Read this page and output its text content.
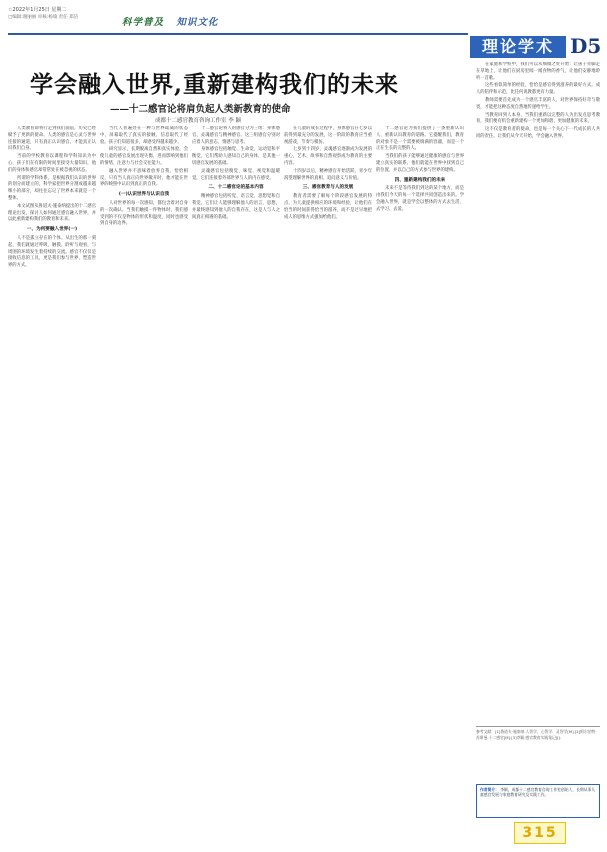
☆2022年1月25日 星期二
□编辑:谢丽丽 审核:杨瑜 责任 郑洁	科学普及 知识文化
理论学术 D5
学会融入世界,重新建构我们的未来
——十二感官论将肩负起人类新教育的使命
成都十二感官教育咨询工作室 李 颖

人类教育即将行走到我们面前，历史已经赋予了更新的使命。人类的感官是心灵与世界连接的通道，只有真正认识感官，才能真正认识我们自身。

当前的学校教育以课程和学科知识为中心，孩子们在有限的时间里接受大量知识，他们的身体和感官却常常处在被忽视的状态。

所谓的学科体系，是根据我们认识的世界的划分而建立的，科学家把世界分割成越来越细小的部分，却往往忘记了世界本来就是一个整体。

本文试图从鲁道夫·施泰纳提出的十二感官理论出发，探讨人如何通过感官融入世界，并以此重新建构我们的教育和未来。

一、为何要融入世界(一)

人不是孤立存在的个体。从出生的那一刻起，我们就通过呼吸、触摸、聆听与观看，与周围的环境发生着持续的交流。感官不仅仅是接收信息的工具，更是我们参与世界、塑造世界的方式。

当代人普遍处在一种与世界疏离的状态中，屏幕取代了真实的接触，信息取代了经验。孩子们知道很多，却感受得越来越少。

研究显示，长期脱离自然和真实体验，会使儿童的感官发展出现失衡，进而影响到他们的情绪、注意力与社会交往能力。

融入世界并不意味着放弃自我，恰恰相反，只有当人真正向世界敞开时，他才能在世界的映照中认识到真正的自我。

(一)认识世界与认识自我

人对世界的每一次感知，都包含着对自身的一次确认。当我们触摸一件物体时，我们感受到的不仅是物体的形状和温度，同时也感受到自身的边界。

十二感官论将人的感官分为三组：身体感官、灵魂感官与精神感官。这三组感官分别对应着人的意志、情感与思考。

身体感官包括触觉、生命觉、运动觉和平衡觉，它们帮助人感知自己的身体，是其他一切感官发展的基础。

灵魂感官包括嗅觉、味觉、视觉和温暖觉，它们连接着外部世界与人的内在感受。

二、十二感官论的基本内容

精神感官包括听觉、语言觉、思想觉和自我觉，它们让人能够理解他人的语言、思想，并最终感知到他人的自我存在，这是人与人之间真正相遇的基础。

在儿童的成长过程中，身体感官在七岁以前得到最充分的发展，这一阶段的教育应当重视游戏、节奏与模仿。

七岁到十四岁，灵魂感官逐渐成为发展的重心，艺术、故事和自然观察成为教育的主要内容。

十四岁以后，精神感官开始活跃，青少年渴望理解世界的真相，追问意义与价值。

三、感官教育与人的发展

教育者需要了解每个阶段感官发展的特点，为儿童提供相应的环境和经验，让他们在恰当的时间获得恰当的滋养，而不是过早地把成人的思维方式强加给他们。

十二感官论为我们提供了一条重新认识人、重新认识教育的道路。它提醒我们，教育的对象不是一个需要被填满的容器，而是一个正在生长的完整的人。

当我们的孩子能够通过健康的感官与世界建立真实的联系，他们就能在世界中找到自己的位置，并以自己的方式参与世界的建构。

四、重新建构我们的未来

未来不是等待我们到达的某个地方，而是由我们今天的每一个选择共同创造出来的。学会融入世界，就是学会以整体的方式去生活、去学习、去爱。

在家庭和学校中，我们可以从细微之处开始：让孩子赤脚走在草地上，让他们在厨房里闻一闻食物的香气，让他们安静地聆听一首歌。

这些看似简单的经验，恰恰是感官得到滋养的最好方式。成人的陪伴和示范，比任何说教都更有力量。

教师需要首先成为一个感官丰富的人，对世界保持好奇与敬畏，才能把这种态度自然地传递给学生。

当教育回到人本身，当我们重新以完整的人为出发点思考教育，我们便有机会重新建构一个更加和谐、更加健康的未来。

这不仅是教育者的使命，也是每一个关心下一代成长的人共同的责任。让我们从今天开始，学会融入世界。

参考文献：[1]鲁道夫·施泰纳.人智学、心智学、灵智学[M].[2]阿尔伯特·苏斯曼.十二感官[M].[3]李颖.感官教育实践笔记[J].
作者简介： 李颖，成都十二感官教育咨询工作室创始人，长期从事儿童感官发展与家庭教育研究及实践工作。
315
